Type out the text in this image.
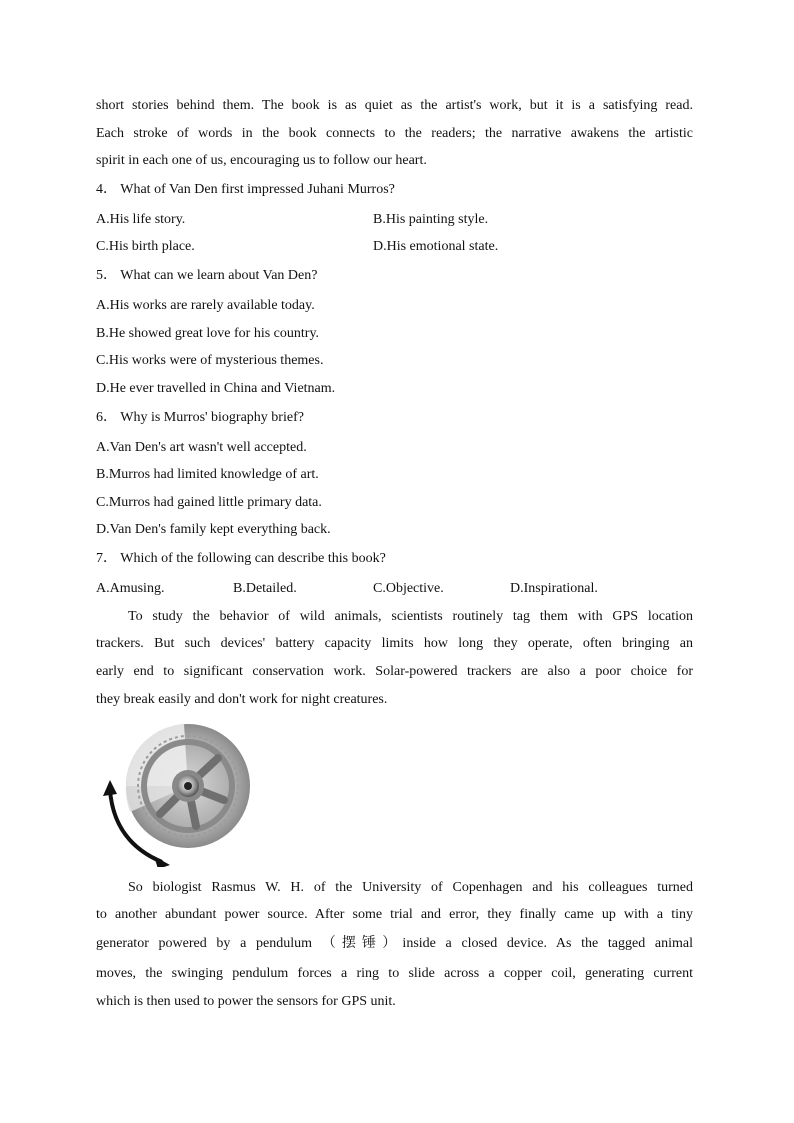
short stories behind them. The book is as quiet as the artist's work, but it is a satisfying read.
Each stroke of words in the book connects to the readers; the narrative awakens the artistic
spirit in each one of us, encouraging us to follow our heart.
4． What of Van Den first impressed Juhani Murros?
A.His life story.	B.His painting style.
C.His birth place.	D.His emotional state.
5． What can we learn about Van Den?
A.His works are rarely available today.
B.He showed great love for his country.
C.His works were of mysterious themes.
D.He ever travelled in China and Vietnam.
6． Why is Murros' biography brief?
A.Van Den's art wasn't well accepted.
B.Murros had limited knowledge of art.
C.Murros had gained little primary data.
D.Van Den's family kept everything back.
7． Which of the following can describe this book?
A.Amusing.	B.Detailed.	C.Objective.	D.Inspirational.
To study the behavior of wild animals, scientists routinely tag them with GPS location
trackers. But such devices' battery capacity limits how long they operate, often bringing an
early end to significant conservation work. Solar-powered trackers are also a poor choice for
they break easily and don't work for night creatures.
So biologist Rasmus W. H. of the University of Copenhagen and his colleagues turned
to another abundant power source. After some trial and error, they finally came up with a tiny
generator powered by a pendulum （摆锤）inside a closed device. As the tagged animal
moves, the swinging pendulum forces a ring to slide across a copper coil, generating current
which is then used to power the sensors for GPS unit.
